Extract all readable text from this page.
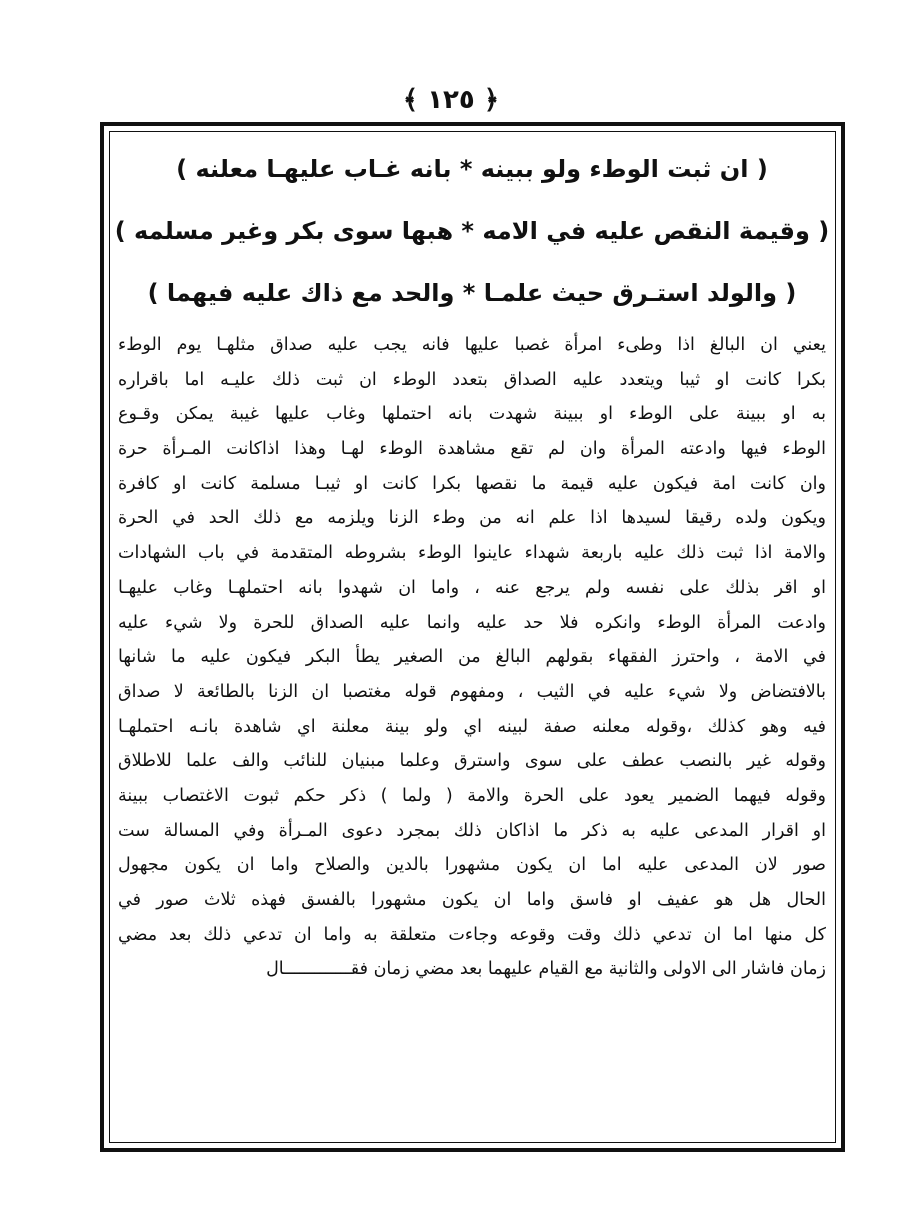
﴿ ١٢٥ ﴾
( ان ثبت الوطء ولو ببينه * بانه غـاب عليهـا معلنه )
( وقيمة النقص عليه في الامه * هبها سوى بكر وغير مسلمه )
( والولد استـرق حيث علمـا * والحد مع ذاك عليه فيهما )
يعني ان البالغ اذا وطىء امرأة غصبا عليها فانه يجب عليه صداق مثلهـا يوم الوطء
بكرا كانت او ثيبا ويتعدد عليه الصداق بتعدد الوطء ان ثبت ذلك عليـه اما باقراره
به او ببينة على الوطء او ببينة شهدت بانه احتملها وغاب عليها غيبة يمكن وقـوع
الوطء فيها وادعته المرأة وان لم تقع مشاهدة الوطء لهـا وهذا اذاكانت المـرأة حرة
وان كانت امة فيكون عليه قيمة ما نقصها بكرا كانت او ثيبـا مسلمة كانت او كافرة
ويكون ولده رقيقا لسيدها اذا علم انه من وطء الزنا ويلزمه مع ذلك الحد في الحرة
والامة اذا ثبت ذلك عليه باربعة شهداء عاينوا الوطء بشروطه المتقدمة في باب الشهادات
او اقر بذلك على نفسه ولم يرجع عنه ، واما ان شهدوا بانه احتملهـا وغاب عليهـا
وادعت المرأة الوطء وانكره فلا حد عليه وانما عليه الصداق للحرة ولا شيء عليه
في الامة ، واحترز الفقهاء بقولهم البالغ من الصغير يطأ البكر فيكون عليه ما شانها
بالافتضاض ولا شيء عليه في الثيب ، ومفهوم قوله مغتصبا ان الزنا بالطائعة لا صداق
فيه وهو كذلك ،وقوله معلنه صفة لبينه اي ولو بينة معلنة اي شاهدة بانـه احتملهـا
وقوله غير بالنصب عطف على سوى واسترق وعلما مبنيان للنائب والف علما للاطلاق
وقوله فيهما الضمير يعود على الحرة والامة ( ولما ) ذكر حكم ثبوت الاغتصاب ببينة
او اقرار المدعى عليه به ذكر ما اذاكان ذلك بمجرد دعوى المـرأة وفي المسالة ست
صور لان المدعى عليه اما ان يكون مشهورا بالدين والصلاح واما ان يكون مجهول
الحال هل هو عفيف او فاسق واما ان يكون مشهورا بالفسق فهذه ثلاث صور في
كل منها اما ان تدعي ذلك وقت وقوعه وجاءت متعلقة به واما ان تدعي ذلك بعد مضي
زمان فاشار الى الاولى والثانية مع القيام عليهما بعد مضي زمان فقـــــــــــــال
